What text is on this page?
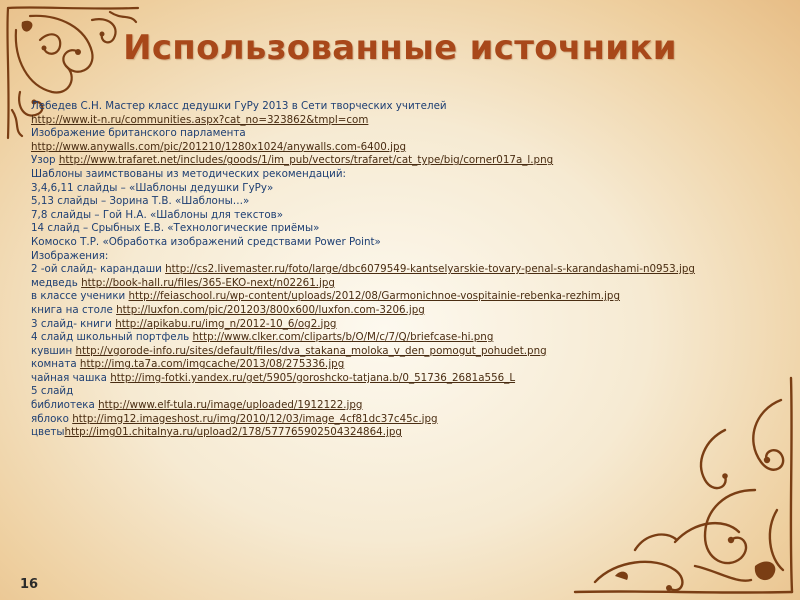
Использованные источники
Лебедев С.Н. Мастер класс дедушки ГуРу 2013 в Сети творческих учителей
http://www.it-n.ru/communities.aspx?cat_no=323862&tmpl=com
Изображение британского парламента
http://www.anywalls.com/pic/201210/1280x1024/anywalls.com-6400.jpg
Узор http://www.trafaret.net/includes/goods/1/im_pub/vectors/trafaret/cat_type/big/corner017a_l.png
Шаблоны заимствованы из методических рекомендаций:
3,4,6,11 слайды – «Шаблоны дедушки ГуРу»
5,13 слайды – Зорина Т.В. «Шаблоны…»
7,8 слайды – Гой Н.А. «Шаблоны для текстов»
14 слайд – Срыбных Е.В. «Технологические приёмы»
Комоско Т.Р. «Обработка изображений средствами Power Point»
Изображения:
2 -ой слайд- карандаши http://cs2.livemaster.ru/foto/large/dbc6079549-kantselyarskie-tovary-penal-s-karandashami-n0953.jpg
медведь http://book-hall.ru/files/365-EKO-next/n02261.jpg
в классе ученики http://feiaschool.ru/wp-content/uploads/2012/08/Garmonichnoe-vospitainie-rebenka-rezhim.jpg
книга на столе http://luxfon.com/pic/201203/800x600/luxfon.com-3206.jpg
3 слайд- книги http://apikabu.ru/img_n/2012-10_6/og2.jpg
4 слайд школьный портфель http://www.clker.com/cliparts/b/O/M/c/7/Q/briefcase-hi.png
кувшин http://vgorode-info.ru/sites/default/files/dva_stakana_moloka_v_den_pomogut_pohudet.png
комната http://img.ta7a.com/imgcache/2013/08/275336.jpg
чайная чашка http://img-fotki.yandex.ru/get/5905/goroshcko-tatjana.b/0_51736_2681a556_L
5 слайд
библиотека http://www.elf-tula.ru/image/uploaded/1912122.jpg
яблоко http://img12.imageshost.ru/img/2010/12/03/image_4cf81dc37c45c.jpg
цветыhttp://img01.chitalnya.ru/upload2/178/577765902504324864.jpg
16
